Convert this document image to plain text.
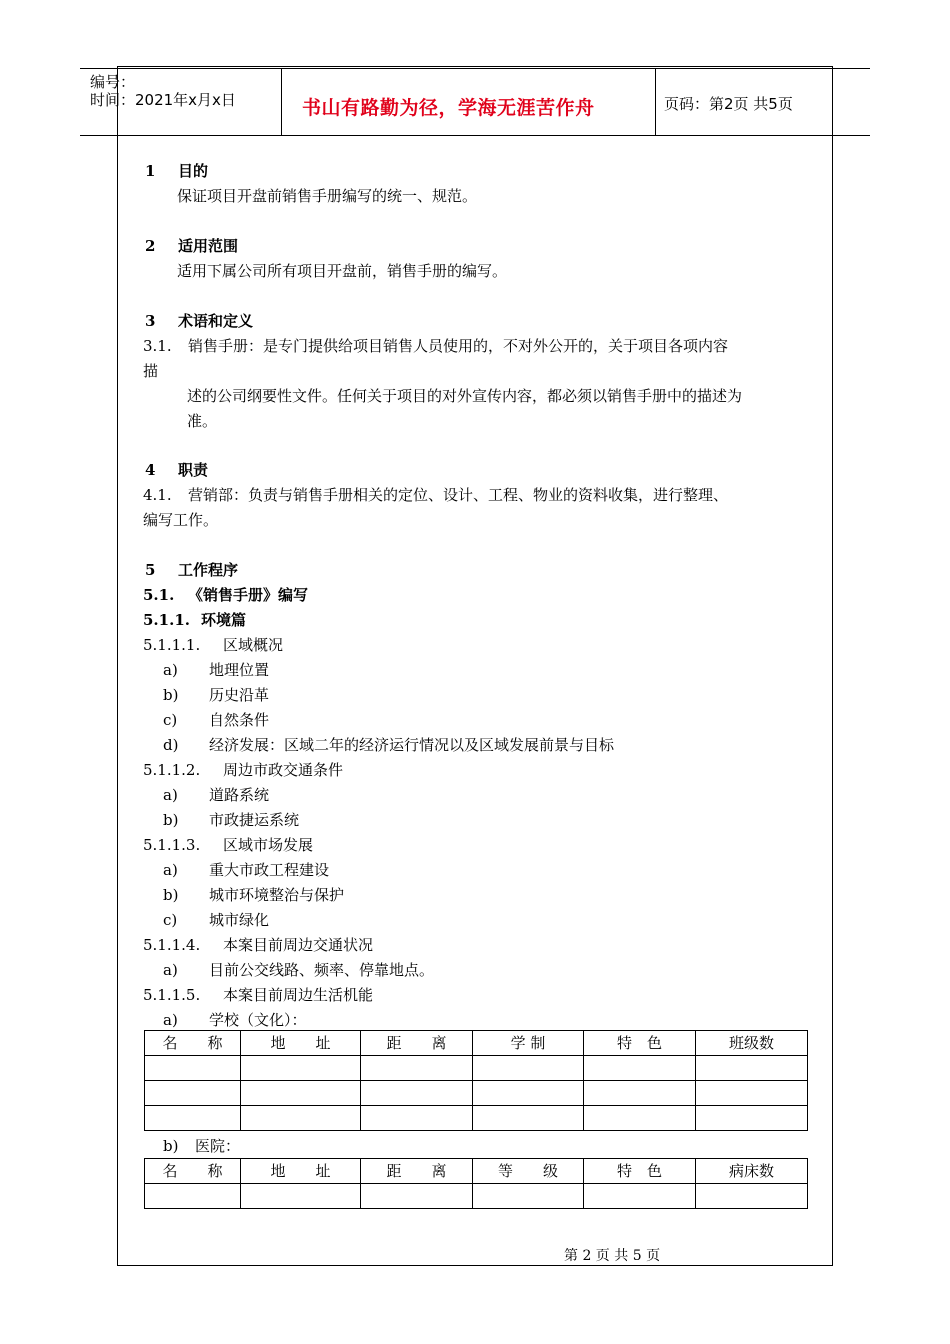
编号：
时间：2021年x月x日	书山有路勤为径，学海无涯苦作舟	页码：第2页 共5页
1 目的
保证项目开盘前销售手册编写的统一、规范。
2 适用范围
适用下属公司所有项目开盘前，销售手册的编写。
3 术语和定义
3.1. 销售手册：是专门提供给项目销售人员使用的，不对外公开的，关于项目各项内容
描
述的公司纲要性文件。任何关于项目的对外宣传内容，都必须以销售手册中的描述为
准。
4 职责
4.1. 营销部：负责与销售手册相关的定位、设计、工程、物业的资料收集，进行整理、
编写工作。
5 工作程序
5.1. 《销售手册》编写
5.1.1. 环境篇
5.1.1.1. 区域概况
a) 地理位置
b) 历史沿革
c) 自然条件
d) 经济发展：区域二年的经济运行情况以及区域发展前景与目标
5.1.1.2. 周边市政交通条件
a) 道路系统
b) 市政捷运系统
5.1.1.3. 区域市场发展
a) 重大市政工程建设
b) 城市环境整治与保护
c) 城市绿化
5.1.1.4. 本案目前周边交通状况
a) 目前公交线路、频率、停靠地点。
5.1.1.5. 本案目前周边生活机能
a) 学校（文化）：
名　　称	地　　址	距　　离	学 制	特　色	班级数

b) 医院：
名　　称	地　　址	距　　离	等　　级	特　色	病床数

第 2 页 共 5 页
